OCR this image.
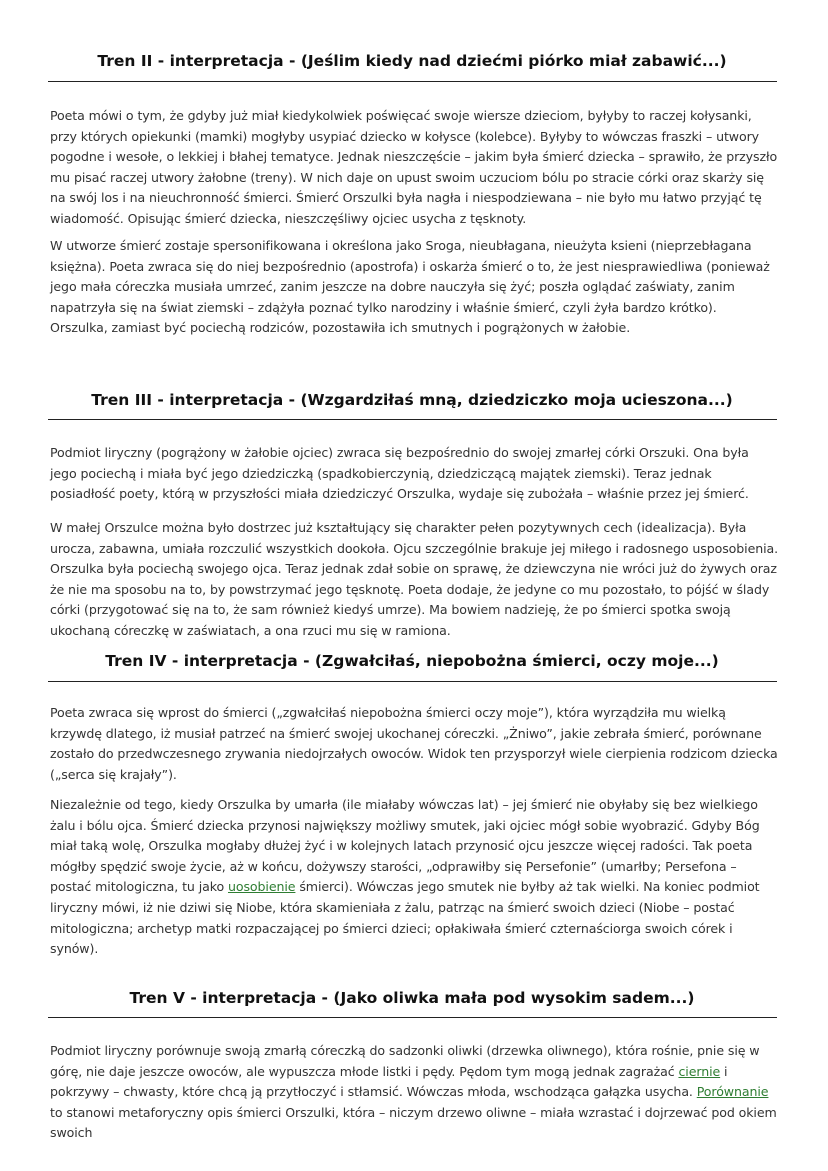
Tren II - interpretacja - (Jeślim kiedy nad dziećmi piórko miał zabawić...)

Poeta mówi o tym, że gdyby już miał kiedykolwiek poświęcać swoje wiersze dzieciom, byłyby to raczej kołysanki, przy których opiekunki (mamki) mogłyby usypiać dziecko w kołysce (kolebce). Byłyby to wówczas fraszki – utwory pogodne i wesołe, o lekkiej i błahej tematyce. Jednak nieszczęście – jakim była śmierć dziecka – sprawiło, że przyszło mu pisać raczej utwory żałobne (treny). W nich daje on upust swoim uczuciom bólu po stracie córki oraz skarży się na swój los i na nieuchronność śmierci. Śmierć Orszulki była nagła i niespodziewana – nie było mu łatwo przyjąć tę wiadomość. Opisując śmierć dziecka, nieszczęśliwy ojciec usycha z tęsknoty.

W utworze śmierć zostaje spersonifikowana i określona jako Sroga, nieubłagana, nieużyta ksieni (nieprzebłagana księżna). Poeta zwraca się do niej bezpośrednio (apostrofa) i oskarża śmierć o to, że jest niesprawiedliwa (ponieważ jego mała córeczka musiała umrzeć, zanim jeszcze na dobre nauczyła się żyć; poszła oglądać zaświaty, zanim napatrzyła się na świat ziemski – zdążyła poznać tylko narodziny i właśnie śmierć, czyli żyła bardzo krótko). Orszulka, zamiast być pociechą rodziców, pozostawiła ich smutnych i pogrążonych w żałobie.

Tren III - interpretacja - (Wzgardziłaś mną, dziedziczko moja ucieszona...)

Podmiot liryczny (pogrążony w żałobie ojciec) zwraca się bezpośrednio do swojej zmarłej córki Orszuki. Ona była jego pociechą i miała być jego dziedziczką (spadkobierczynią, dziedziczącą majątek ziemski). Teraz jednak posiadłość poety, którą w przyszłości miała dziedziczyć Orszulka, wydaje się zubożała – właśnie przez jej śmierć.

W małej Orszulce można było dostrzec już kształtujący się charakter pełen pozytywnych cech (idealizacja). Była urocza, zabawna, umiała rozczulić wszystkich dookoła. Ojcu szczególnie brakuje jej miłego i radosnego usposobienia. Orszulka była pociechą swojego ojca. Teraz jednak zdał sobie on sprawę, że dziewczyna nie wróci już do żywych oraz że nie ma sposobu na to, by powstrzymać jego tęsknotę. Poeta dodaje, że jedyne co mu pozostało, to pójść w ślady córki (przygotować się na to, że sam również kiedyś umrze). Ma bowiem nadzieję, że po śmierci spotka swoją ukochaną córeczkę w zaświatach, a ona rzuci mu się w ramiona.

Tren IV - interpretacja - (Zgwałciłaś, niepobożna śmierci, oczy moje...)

Poeta zwraca się wprost do śmierci („zgwałciłaś niepobożna śmierci oczy moje”), która wyrządziła mu wielką krzywdę dlatego, iż musiał patrzeć na śmierć swojej ukochanej córeczki. „Żniwo”, jakie zebrała śmierć, porównane zostało do przedwczesnego zrywania niedojrzałych owoców. Widok ten przysporzył wiele cierpienia rodzicom dziecka („serca się krajały”).

Niezależnie od tego, kiedy Orszulka by umarła (ile miałaby wówczas lat) – jej śmierć nie obyłaby się bez wielkiego żalu i bólu ojca. Śmierć dziecka przynosi największy możliwy smutek, jaki ojciec mógł sobie wyobrazić. Gdyby Bóg miał taką wolę, Orszulka mogłaby dłużej żyć i w kolejnych latach przynosić ojcu jeszcze więcej radości. Tak poeta mógłby spędzić swoje życie, aż w końcu, dożywszy starości, „odprawiłby się Persefonie” (umarłby; Persefona – postać mitologiczna, tu jako uosobienie śmierci). Wówczas jego smutek nie byłby aż tak wielki. Na koniec podmiot liryczny mówi, iż nie dziwi się Niobe, która skamieniała z żalu, patrząc na śmierć swoich dzieci (Niobe – postać mitologiczna; archetyp matki rozpaczającej po śmierci dzieci; opłakiwała śmierć czternaściorga swoich córek i synów).

Tren V - interpretacja - (Jako oliwka mała pod wysokim sadem...)

Podmiot liryczny porównuje swoją zmarłą córeczką do sadzonki oliwki (drzewka oliwnego), która rośnie, pnie się w górę, nie daje jeszcze owoców, ale wypuszcza młode listki i pędy. Pędom tym mogą jednak zagrażać ciernie i pokrzywy – chwasty, które chcą ją przytłoczyć i stłamsić. Wówczas młoda, wschodząca gałązka usycha. Porównanie to stanowi metaforyczny opis śmierci Orszulki, która – niczym drzewo oliwne – miała wzrastać i dojrzewać pod okiem swoich
